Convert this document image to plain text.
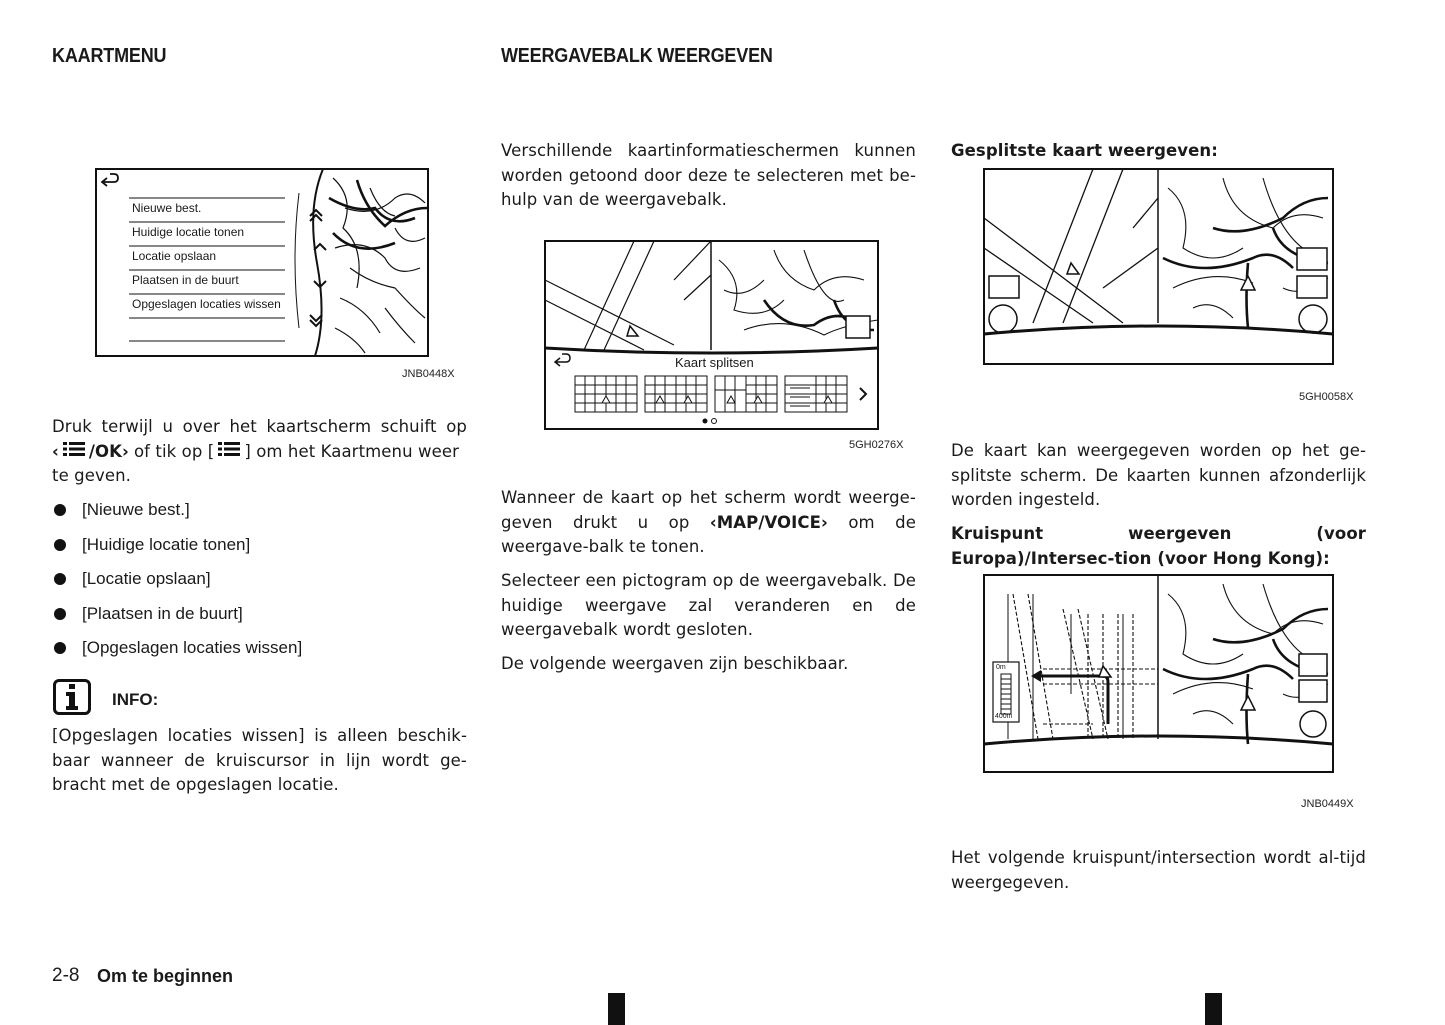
KAARTMENU
Nieuwe best.
Huidige locatie tonen
Locatie opslaan
Plaatsen in de buurt
Opgeslagen locaties wissen
JNB0448X
Druk terwijl u over het kaartscherm schuift op
‹ /OK› of tik op [ ] om het Kaartmenu weer
te geven.
[Nieuwe best.]
[Huidige locatie tonen]
[Locatie opslaan]
[Plaatsen in de buurt]
[Opgeslagen locaties wissen]
INFO:
[Opgeslagen locaties wissen] is alleen beschik-baar wanneer de kruiscursor in lijn wordt ge-bracht met de opgeslagen locatie.
WEERGAVEBALK WEERGEVEN
Verschillende kaartinformatieschermen kunnen worden getoond door deze te selecteren met be-hulp van de weergavebalk.
Kaart splitsen
5GH0276X
Wanneer de kaart op het scherm wordt weerge-geven drukt u op ‹MAP/VOICE› om de weergave-balk te tonen.
Selecteer een pictogram op de weergavebalk. De huidige weergave zal veranderen en de weergavebalk wordt gesloten.
De volgende weergaven zijn beschikbaar.
Gesplitste kaart weergeven:
5GH0058X
De kaart kan weergegeven worden op het ge-splitste scherm. De kaarten kunnen afzonderlijk worden ingesteld.
Kruispunt weergeven (voor Europa)/Intersec-tion (voor Hong Kong):
0m
400m
JNB0449X
Het volgende kruispunt/intersection wordt al-tijd weergegeven.
2-8 Om te beginnen
